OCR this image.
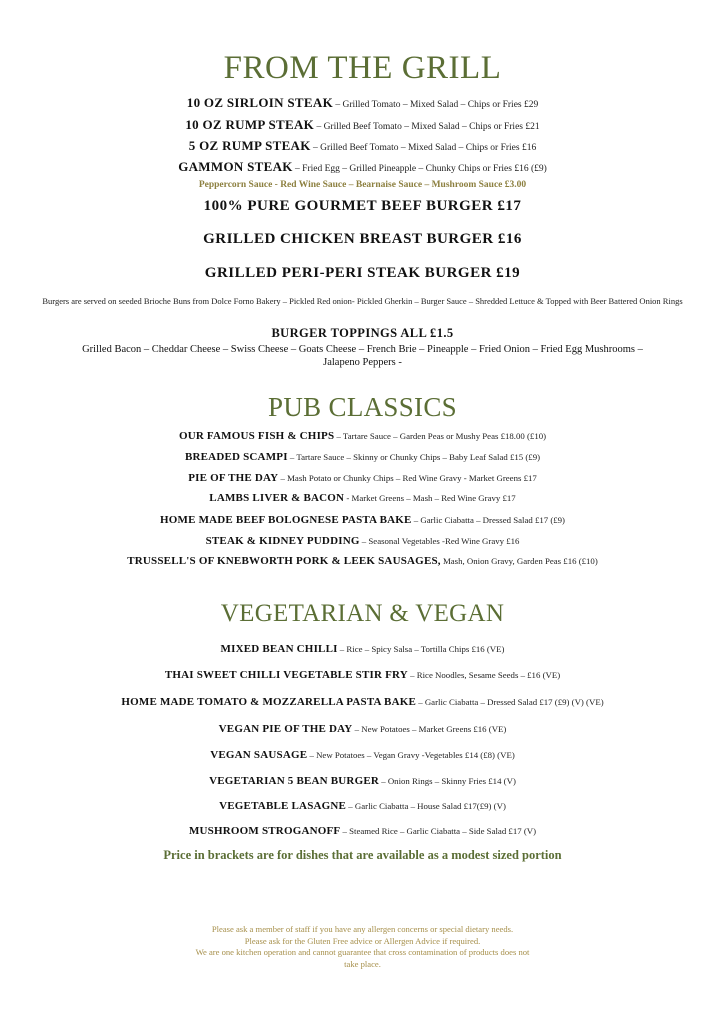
FROM THE GRILL
10 OZ SIRLOIN STEAK – Grilled Tomato – Mixed Salad – Chips or Fries £29
10 OZ RUMP STEAK – Grilled Beef Tomato – Mixed Salad – Chips or Fries £21
5 OZ RUMP STEAK – Grilled Beef Tomato – Mixed Salad – Chips or Fries £16
GAMMON STEAK – Fried Egg – Grilled Pineapple – Chunky Chips or Fries £16 (£9)
Peppercorn Sauce - Red Wine Sauce – Bearnaise Sauce – Mushroom Sauce £3.00
100% PURE GOURMET BEEF BURGER £17
GRILLED CHICKEN BREAST BURGER £16
GRILLED PERI-PERI STEAK BURGER £19
Burgers are served on seeded Brioche Buns from Dolce Forno Bakery – Pickled Red onion- Pickled Gherkin – Burger Sauce – Shredded Lettuce & Topped with Beer Battered Onion Rings
BURGER TOPPINGS ALL £1.5
Grilled Bacon – Cheddar Cheese – Swiss Cheese – Goats Cheese – French Brie – Pineapple – Fried Onion – Fried Egg Mushrooms – Jalapeno Peppers -
PUB CLASSICS
OUR FAMOUS FISH & CHIPS – Tartare Sauce – Garden Peas or Mushy Peas £18.00 (£10)
BREADED SCAMPI – Tartare Sauce – Skinny or Chunky Chips – Baby Leaf Salad £15 (£9)
PIE OF THE DAY – Mash Potato or Chunky Chips – Red Wine Gravy - Market Greens £17
LAMBS LIVER & BACON - Market Greens – Mash – Red Wine Gravy £17
HOME MADE BEEF BOLOGNESE PASTA BAKE – Garlic Ciabatta – Dressed Salad £17 (£9)
STEAK & KIDNEY PUDDING – Seasonal Vegetables -Red Wine Gravy £16
TRUSSELL'S OF KNEBWORTH PORK & LEEK SAUSAGES, Mash, Onion Gravy, Garden Peas £16 (£10)
VEGETARIAN & VEGAN
MIXED BEAN CHILLI – Rice – Spicy Salsa – Tortilla Chips £16 (VE)
THAI SWEET CHILLI VEGETABLE STIR FRY – Rice Noodles, Sesame Seeds – £16 (VE)
HOME MADE TOMATO & MOZZARELLA PASTA BAKE – Garlic Ciabatta – Dressed Salad £17 (£9) (V) (VE)
VEGAN PIE OF THE DAY – New Potatoes – Market Greens £16 (VE)
VEGAN SAUSAGE – New Potatoes – Vegan Gravy -Vegetables £14 (£8) (VE)
VEGETARIAN 5 BEAN BURGER – Onion Rings – Skinny Fries £14 (V)
VEGETABLE LASAGNE – Garlic Ciabatta – House Salad £17(£9) (V)
MUSHROOM STROGANOFF – Steamed Rice – Garlic Ciabatta – Side Salad £17 (V)
Price in brackets are for dishes that are available as a modest sized portion
Please ask a member of staff if you have any allergen concerns or special dietary needs.
Please ask for the Gluten Free advice or Allergen Advice if required.
We are one kitchen operation and cannot guarantee that cross contamination of products does not
take place.
